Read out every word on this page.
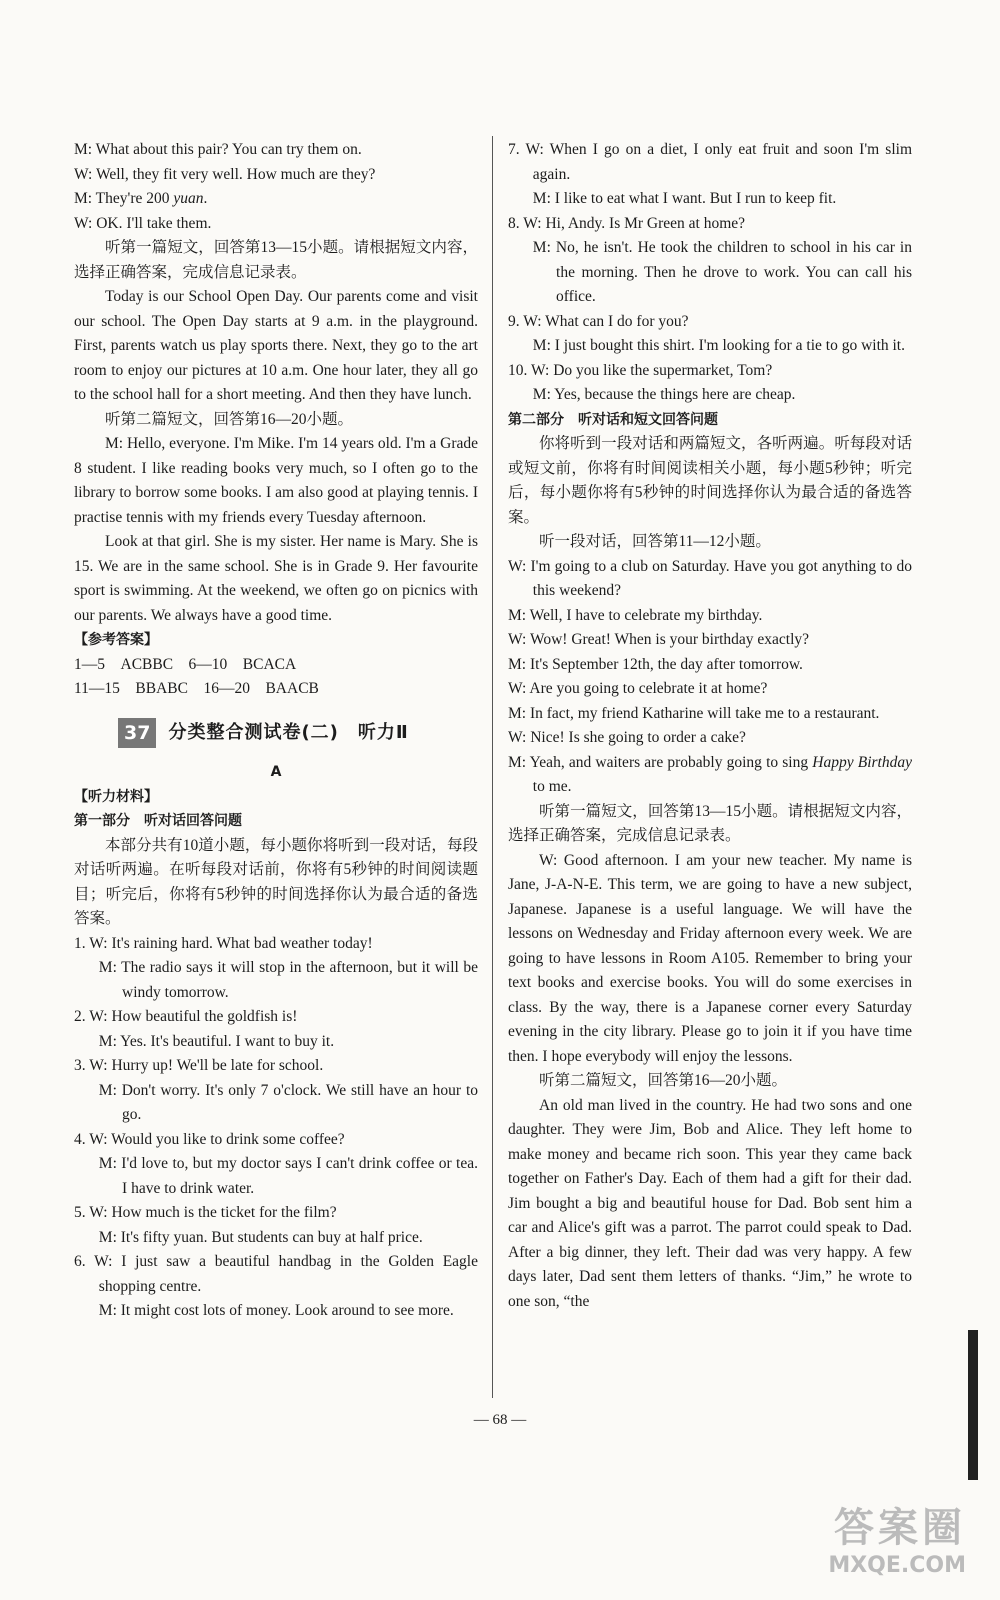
M: What about this pair? You can try them on.

W: Well, they fit very well. How much are they?

M: They're 200 yuan.

W: OK. I'll take them.

听第一篇短文，回答第13—15小题。请根据短文内容，选择正确答案，完成信息记录表。

Today is our School Open Day. Our parents come and visit our school. The Open Day starts at 9 a.m. in the playground. First, parents watch us play sports there. Next, they go to the art room to enjoy our pictures at 10 a.m. One hour later, they all go to the school hall for a short meeting. And then they have lunch.

听第二篇短文，回答第16—20小题。

M: Hello, everyone. I'm Mike. I'm 14 years old. I'm a Grade 8 student. I like reading books very much, so I often go to the library to borrow some books. I am also good at playing tennis. I practise tennis with my friends every Tuesday afternoon.

Look at that girl. She is my sister. Her name is Mary. She is 15. We are in the same school. She is in Grade 9. Her favourite sport is swimming. At the weekend, we often go on picnics with our parents. We always have a good time.

【参考答案】

1—5　ACBBC　6—10　BCACA

11—15　BBABC　16—20　BAACB

37	分类整合测试卷(二)　听力Ⅱ

A

【听力材料】

第一部分　听对话回答问题

本部分共有10道小题，每小题你将听到一段对话，每段对话听两遍。在听每段对话前，你将有5秒钟的时间阅读题目；听完后，你将有5秒钟的时间选择你认为最合适的备选答案。

1. W: It's raining hard. What bad weather today!

M: The radio says it will stop in the afternoon, but it will be windy tomorrow.

2. W: How beautiful the goldfish is!

M: Yes. It's beautiful. I want to buy it.

3. W: Hurry up! We'll be late for school.

M: Don't worry. It's only 7 o'clock. We still have an hour to go.

4. W: Would you like to drink some coffee?

M: I'd love to, but my doctor says I can't drink coffee or tea. I have to drink water.

5. W: How much is the ticket for the film?

M: It's fifty yuan. But students can buy at half price.

6. W: I just saw a beautiful handbag in the Golden Eagle shopping centre.

M: It might cost lots of money. Look around to see more.

7. W: When I go on a diet, I only eat fruit and soon I'm slim again.

M: I like to eat what I want. But I run to keep fit.

8. W: Hi, Andy. Is Mr Green at home?

M: No, he isn't. He took the children to school in his car in the morning. Then he drove to work. You can call his office.

9. W: What can I do for you?

M: I just bought this shirt. I'm looking for a tie to go with it.

10. W: Do you like the supermarket, Tom?

M: Yes, because the things here are cheap.

第二部分　听对话和短文回答问题

你将听到一段对话和两篇短文，各听两遍。听每段对话或短文前，你将有时间阅读相关小题，每小题5秒钟；听完后，每小题你将有5秒钟的时间选择你认为最合适的备选答案。

听一段对话，回答第11—12小题。

W: I'm going to a club on Saturday. Have you got anything to do this weekend?

M: Well, I have to celebrate my birthday.

W: Wow! Great! When is your birthday exactly?

M: It's September 12th, the day after tomorrow.

W: Are you going to celebrate it at home?

M: In fact, my friend Katharine will take me to a restaurant.

W: Nice! Is she going to order a cake?

M: Yeah, and waiters are probably going to sing Happy Birthday to me.

听第一篇短文，回答第13—15小题。请根据短文内容，选择正确答案，完成信息记录表。

W: Good afternoon. I am your new teacher. My name is Jane, J-A-N-E. This term, we are going to have a new subject, Japanese. Japanese is a useful language. We will have the lessons on Wednesday and Friday afternoon every week. We are going to have lessons in Room A105. Remember to bring your text books and exercise books. You will do some exercises in class. By the way, there is a Japanese corner every Saturday evening in the city library. Please go to join it if you have time then. I hope everybody will enjoy the lessons.

听第二篇短文，回答第16—20小题。

An old man lived in the country. He had two sons and one daughter. They were Jim, Bob and Alice. They left home to make money and became rich soon. This year they came back together on Father's Day. Each of them had a gift for their dad. Jim bought a big and beautiful house for Dad. Bob sent him a car and Alice's gift was a parrot. The parrot could speak to Dad. After a big dinner, they left. Their dad was very happy. A few days later, Dad sent them letters of thanks. “Jim,” he wrote to one son, “the

— 68 —
答案圈
MXQE.COM
